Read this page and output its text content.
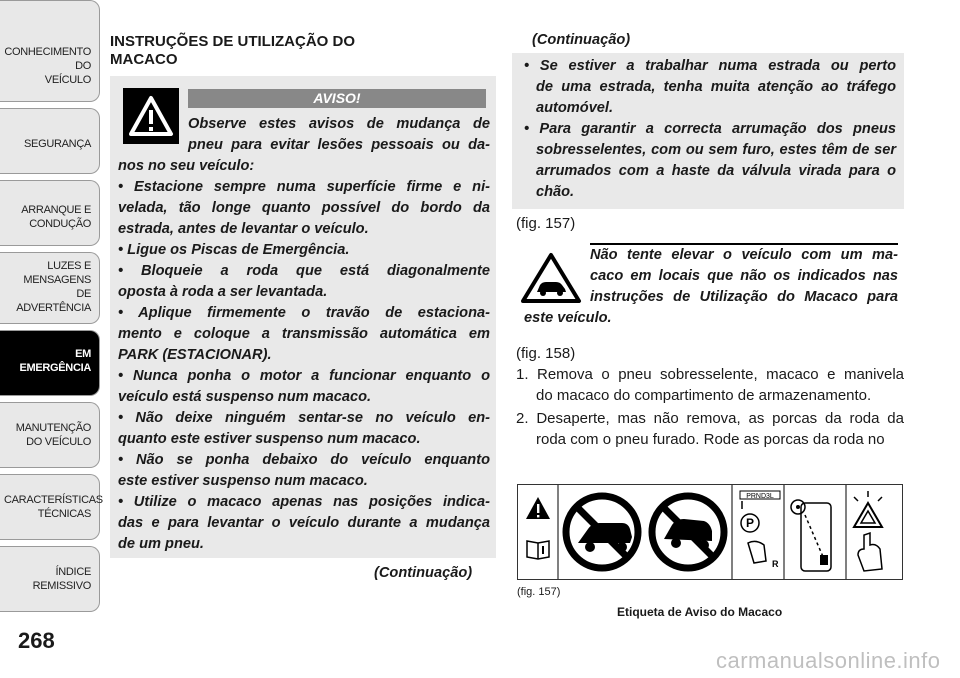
CONHECIMENTO
DO
VEÍCULO
SEGURANÇA
ARRANQUE E
CONDUÇÃO
LUZES E
MENSAGENS
DE
ADVERTÊNCIA
EM
EMERGÊNCIA
MANUTENÇÃO
DO VEÍCULO
CARACTERÍSTICAS
TÉCNICAS
ÍNDICE
REMISSIVO
268
INSTRUÇÕES DE UTILIZAÇÃO DO
MACACO
AVISO!
Observe estes avisos de mudança de
pneu para evitar lesões pessoais ou da-
nos no seu veículo:
• Estacione sempre numa superfície firme e ni-
velada, tão longe quanto possível do bordo da
estrada, antes de levantar o veículo.
• Ligue os Piscas de Emergência.
• Bloqueie a roda que está diagonalmente
oposta à roda a ser levantada.
• Aplique firmemente o travão de estaciona-
mento e coloque a transmissão automática em
PARK (ESTACIONAR).
• Nunca ponha o motor a funcionar enquanto o
veículo está suspenso num macaco.
• Não deixe ninguém sentar-se no veículo en-
quanto este estiver suspenso num macaco.
• Não se ponha debaixo do veículo enquanto
este estiver suspenso num macaco.
• Utilize o macaco apenas nas posições indica-
das e para levantar o veículo durante a mudança
de um pneu.
(Continuação)
(Continuação)
• Se estiver a trabalhar numa estrada ou perto
de uma estrada, tenha muita atenção ao tráfego
automóvel.
• Para garantir a correcta arrumação dos pneus
sobresselentes, com ou sem furo, estes têm de ser
arrumados com a haste da válvula virada para o
chão.
(fig. 157)
Não tente elevar o veículo com um ma-
caco em locais que não os indicados nas
instruções de Utilização do Macaco para
este veículo.
(fig. 158)
1. Remova o pneu sobresselente, macaco e manivela
do macaco do compartimento de armazenamento.
2. Desaperte, mas não remova, as porcas da roda da
roda com o pneu furado. Rode as porcas da roda no
PRND3L
P
R
(fig. 157)
Etiqueta de Aviso do Macaco
carmanualsonline.info
